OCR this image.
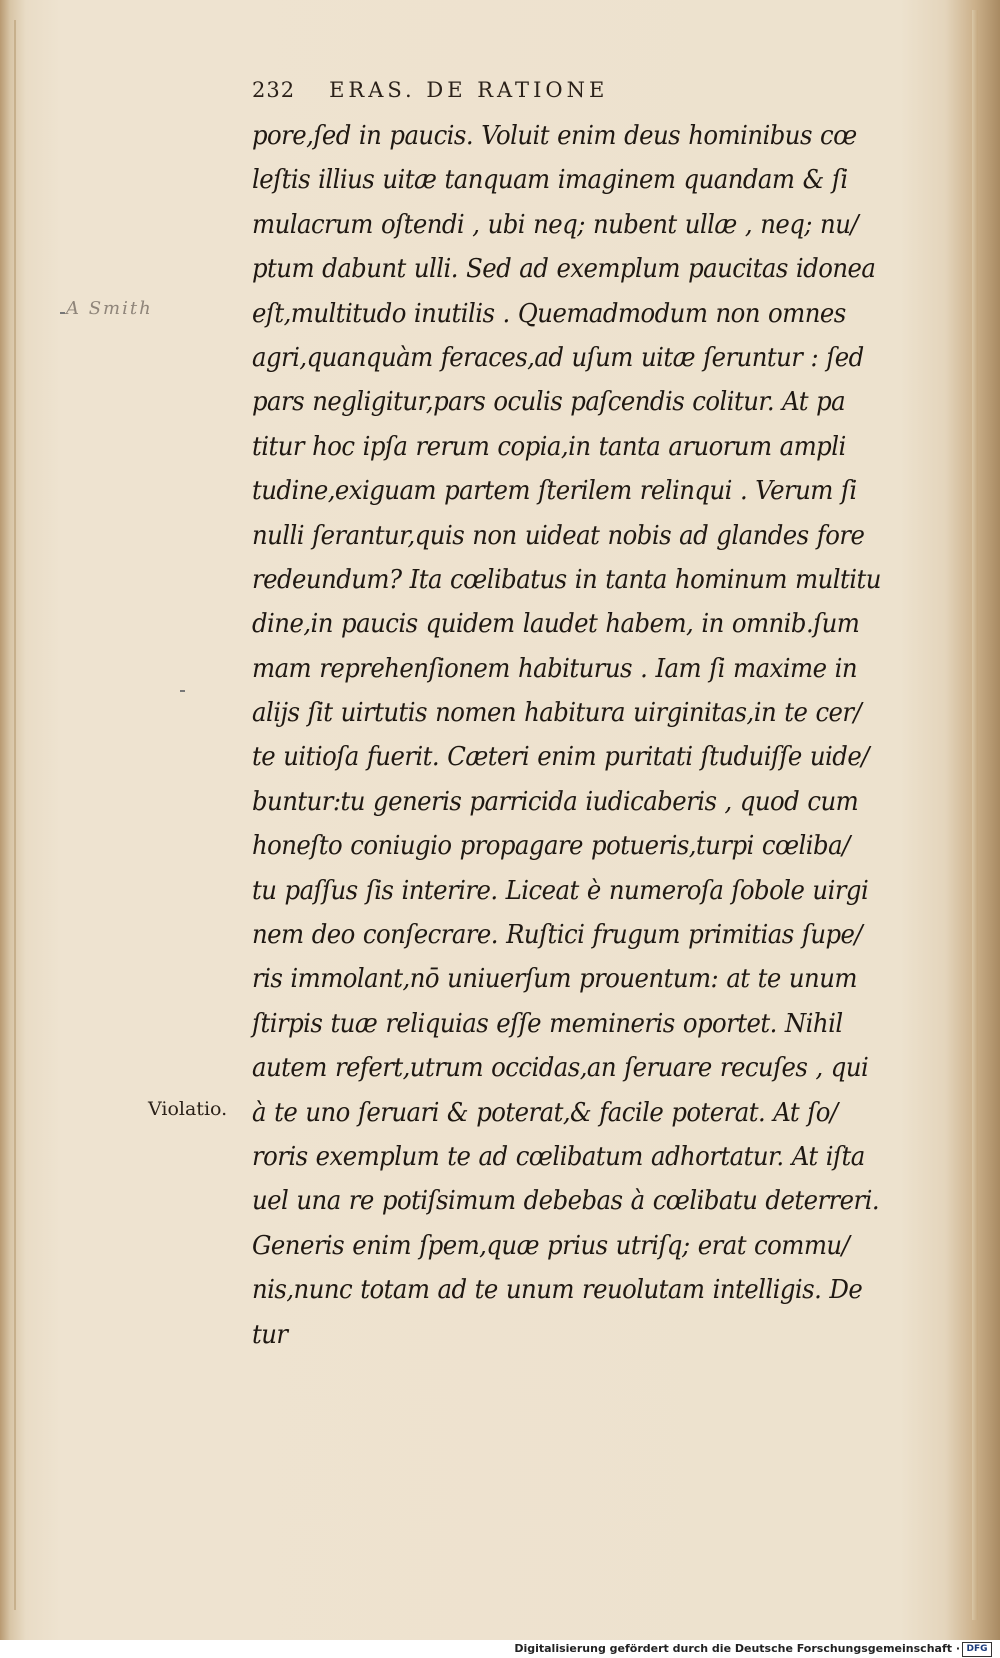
232 ERAS. DE RATIONE
A Smith
pore,ſed in paucis. Voluit enim deus hominibus cœ
leſtis illius uitæ tanquam imaginem quandam & ſi
mulacrum oſtendi , ubi neq; nubent ullæ , neq; nu/
ptum dabunt ulli. Sed ad exemplum paucitas idonea
eſt,multitudo inutilis . Quemadmodum non omnes
agri,quanquàm feraces,ad uſum uitæ ſeruntur : ſed
pars negligitur,pars oculis paſcendis colitur. At pa
titur hoc ipſa rerum copia,in tanta aruorum ampli
tudine,exiguam partem ſterilem relinqui . Verum ſi
nulli ſerantur,quis non uideat nobis ad glandes fore
redeundum? Ita cœlibatus in tanta hominum multitu
dine,in paucis quidem laudet habem, in omnib.ſum
mam reprehenſionem habiturus . Iam ſi maxime in
alijs ſit uirtutis nomen habitura uirginitas,in te cer/
te uitioſa fuerit. Cæteri enim puritati ſtuduiſſe uide/
buntur:tu generis parricida iudicaberis , quod cum
honeſto coniugio propagare potueris,turpi cœliba/
tu paſſus ſis interire. Liceat è numeroſa ſobole uirgi
nem deo conſecrare. Ruſtici frugum primitias ſupe/
ris immolant,nō uniuerſum prouentum: at te unum
ſtirpis tuæ reliquias eſſe memineris oportet. Nihil
autem refert,utrum occidas,an ſeruare recuſes , qui
à te uno ſeruari & poterat,& facile poterat. At ſo/
roris exemplum te ad cœlibatum adhortatur. At iſta
uel una re potiſsimum debebas à cœlibatu deterreri.
Generis enim ſpem,quæ prius utriſq; erat commu/
nis,nunc totam ad te unum reuolutam intelligis. De
tur
Violatio.
Digitalisierung gefördert durch die Deutsche Forschungsgemeinschaft · DFG
